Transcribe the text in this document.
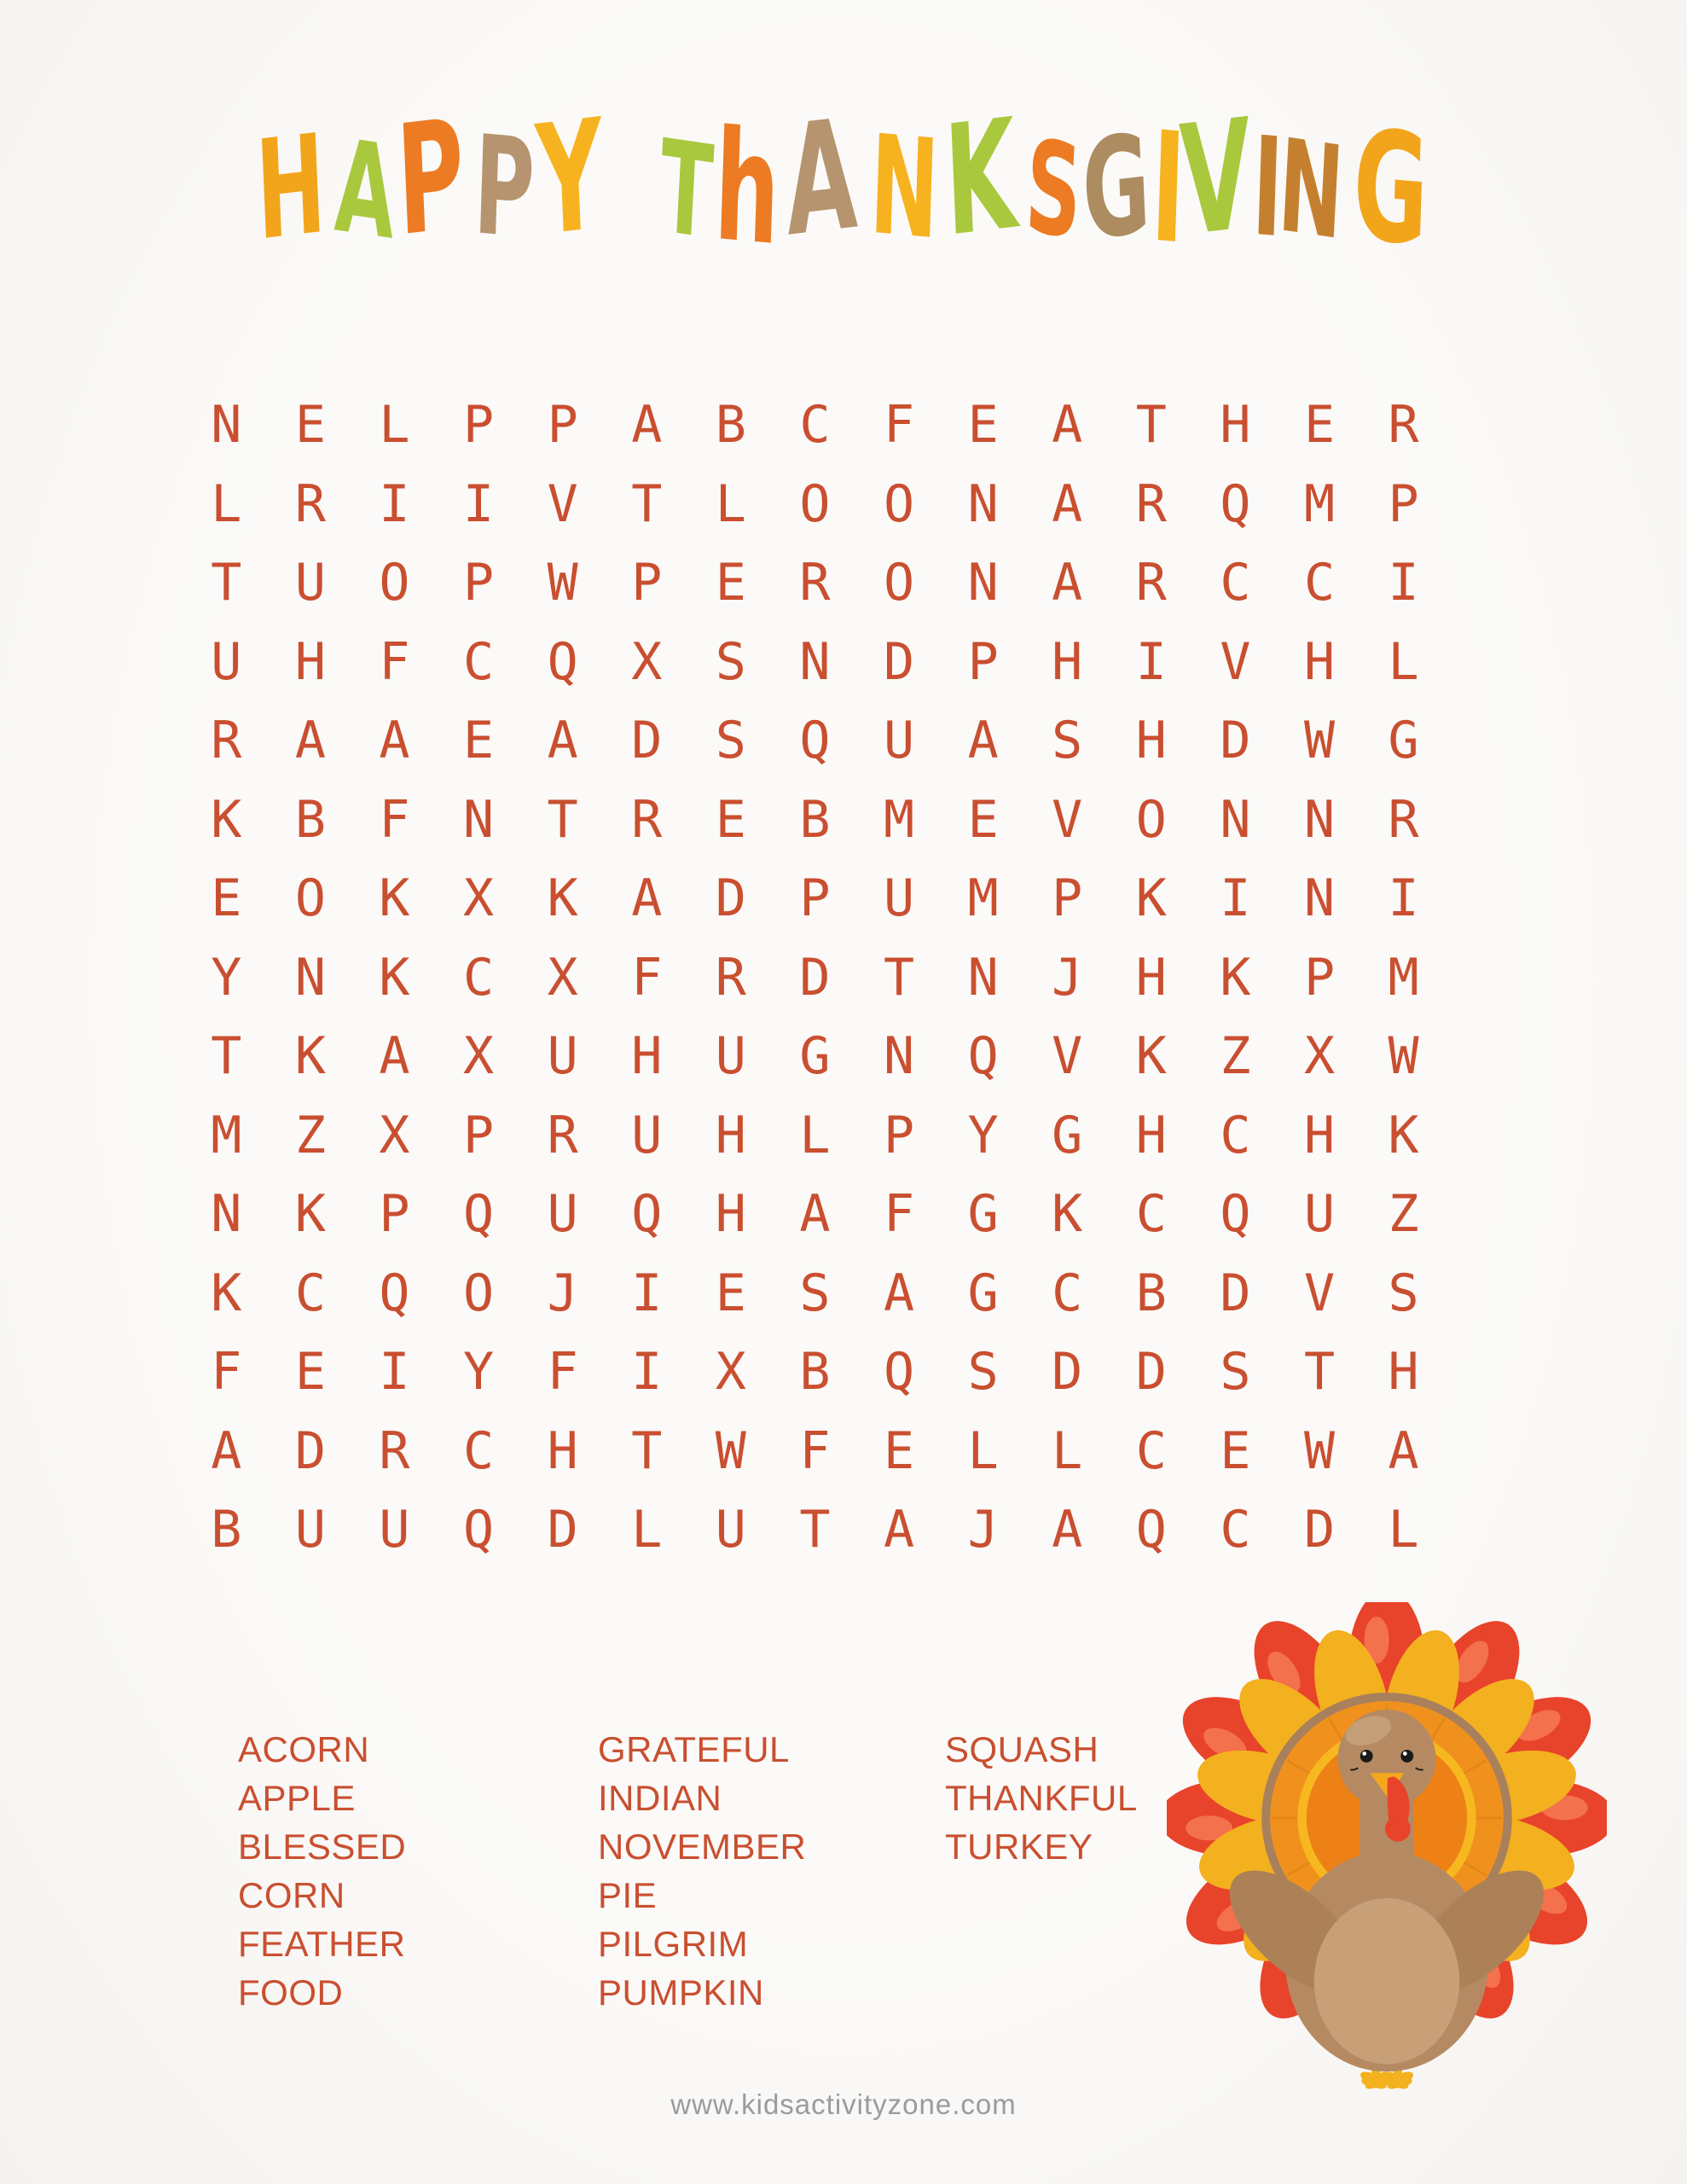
H A
P P
Y T
h A N K S
G
I
V
I
N G
N	E	L	P	P	A	B	C	F	E	A	T	H	E	R
L	R	I	I	V	T	L	O	O	N	A	R	Q	M	P
T	U	O	P	W	P	E	R	O	N	A	R	C	C	I
U	H	F	C	Q	X	S	N	D	P	H	I	V	H	L
R	A	A	E	A	D	S	Q	U	A	S	H	D	W	G
K	B	F	N	T	R	E	B	M	E	V	O	N	N	R
E	O	K	X	K	A	D	P	U	M	P	K	I	N	I
Y	N	K	C	X	F	R	D	T	N	J	H	K	P	M
T	K	A	X	U	H	U	G	N	Q	V	K	Z	X	W
M	Z	X	P	R	U	H	L	P	Y	G	H	C	H	K
N	K	P	Q	U	Q	H	A	F	G	K	C	Q	U	Z
K	C	Q	O	J	I	E	S	A	G	C	B	D	V	S
F	E	I	Y	F	I	X	B	Q	S	D	D	S	T	H
A	D	R	C	H	T	W	F	E	L	L	C	E	W	A
B	U	U	Q	D	L	U	T	A	J	A	Q	C	D	L
ACORN
APPLE
BLESSED
CORN
FEATHER
FOOD
GRATEFUL
INDIAN
NOVEMBER
PIE
PILGRIM
PUMPKIN
SQUASH
THANKFUL
TURKEY
www.kidsactivityzone.com
